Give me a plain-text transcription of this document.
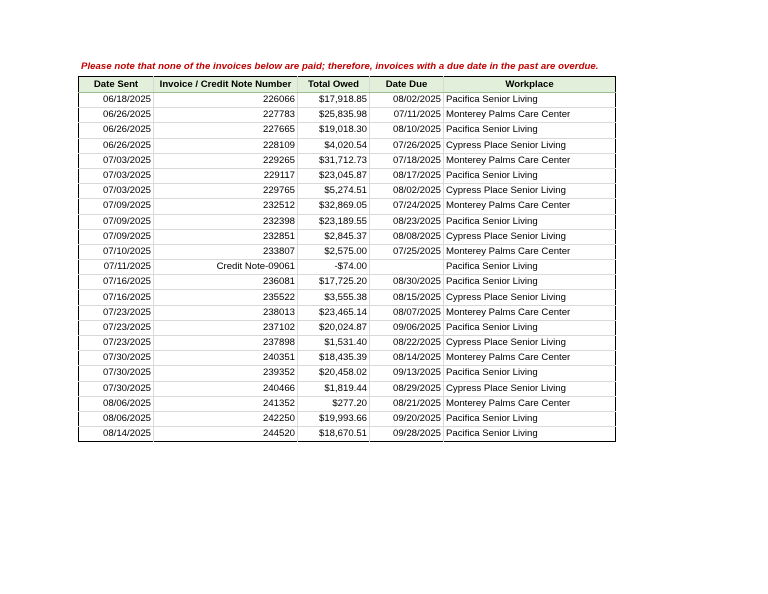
Please note that none of the invoices below are paid; therefore, invoices with a due date in the past are overdue.
Date Sent	Invoice / Credit Note Number	Total Owed	Date Due	Workplace
06/18/2025	226066	$17,918.85	08/02/2025	Pacifica Senior Living
06/26/2025	227783	$25,835.98	07/11/2025	Monterey Palms Care Center
06/26/2025	227665	$19,018.30	08/10/2025	Pacifica Senior Living
06/26/2025	228109	$4,020.54	07/26/2025	Cypress Place Senior Living
07/03/2025	229265	$31,712.73	07/18/2025	Monterey Palms Care Center
07/03/2025	229117	$23,045.87	08/17/2025	Pacifica Senior Living
07/03/2025	229765	$5,274.51	08/02/2025	Cypress Place Senior Living
07/09/2025	232512	$32,869.05	07/24/2025	Monterey Palms Care Center
07/09/2025	232398	$23,189.55	08/23/2025	Pacifica Senior Living
07/09/2025	232851	$2,845.37	08/08/2025	Cypress Place Senior Living
07/10/2025	233807	$2,575.00	07/25/2025	Monterey Palms Care Center
07/11/2025	Credit Note-09061	-$74.00		Pacifica Senior Living
07/16/2025	236081	$17,725.20	08/30/2025	Pacifica Senior Living
07/16/2025	235522	$3,555.38	08/15/2025	Cypress Place Senior Living
07/23/2025	238013	$23,465.14	08/07/2025	Monterey Palms Care Center
07/23/2025	237102	$20,024.87	09/06/2025	Pacifica Senior Living
07/23/2025	237898	$1,531.40	08/22/2025	Cypress Place Senior Living
07/30/2025	240351	$18,435.39	08/14/2025	Monterey Palms Care Center
07/30/2025	239352	$20,458.02	09/13/2025	Pacifica Senior Living
07/30/2025	240466	$1,819.44	08/29/2025	Cypress Place Senior Living
08/06/2025	241352	$277.20	08/21/2025	Monterey Palms Care Center
08/06/2025	242250	$19,993.66	09/20/2025	Pacifica Senior Living
08/14/2025	244520	$18,670.51	09/28/2025	Pacifica Senior Living
